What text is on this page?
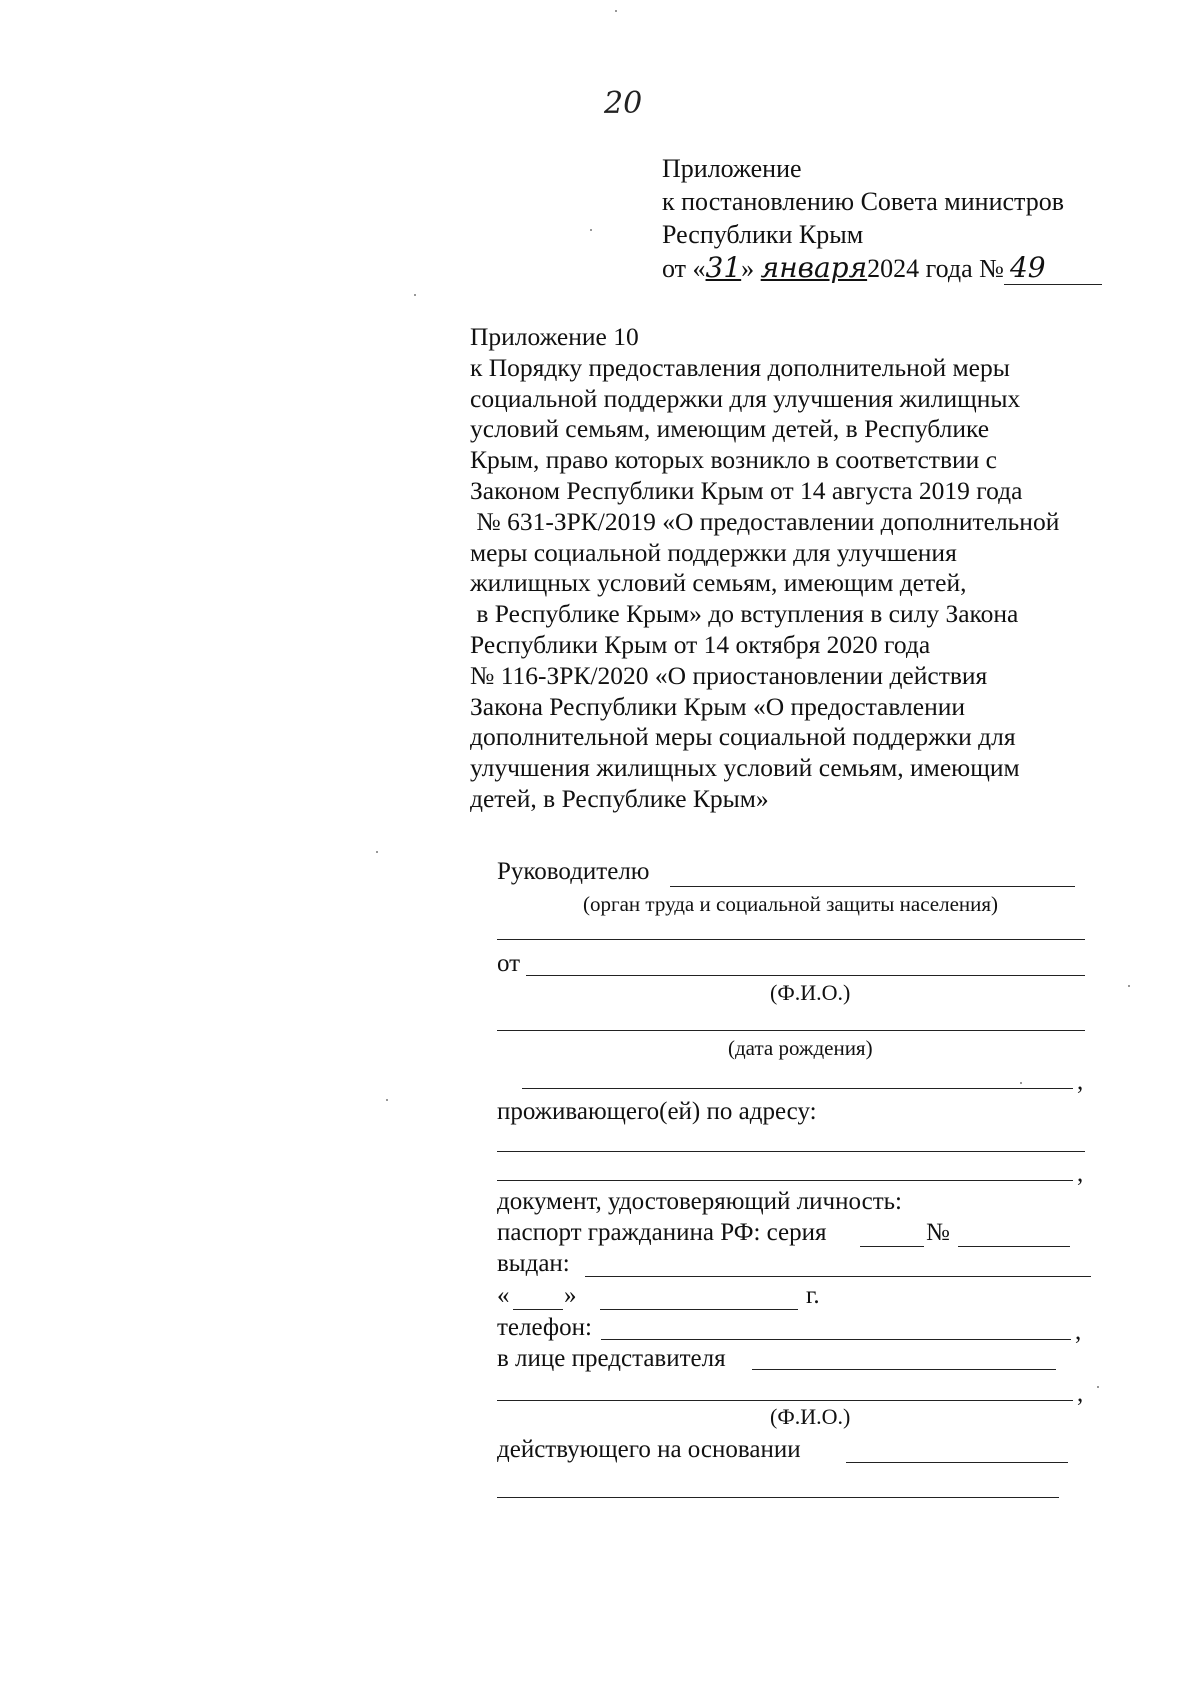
20
Приложение
к постановлению Совета министров
Республики Крым
от «31» января2024 года № 49
Приложение 10
к Порядку предоставления дополнительной меры
социальной поддержки для улучшения жилищных
условий семьям, имеющим детей, в Республике
Крым, право которых возникло в соответствии с
Законом Республики Крым от 14 августа 2019 года
№ 631-ЗРК/2019 «О предоставлении дополнительной
меры социальной поддержки для улучшения
жилищных условий семьям, имеющим детей,
в Республике Крым» до вступления в силу Закона
Республики Крым от 14 октября 2020 года
№ 116-ЗРК/2020 «О приостановлении действия
Закона Республики Крым «О предоставлении
дополнительной меры социальной поддержки для
улучшения жилищных условий семьям, имеющим
детей, в Республике Крым»
Руководителю
(орган труда и социальной защиты населения)
от
(Ф.И.О.)
(дата рождения)
,
проживающего(ей) по адресу:
,
документ, удостоверяющий личность:
паспорт гражданина РФ: серия	№
выдан:
« »	г.
телефон:	,
в лице представителя
,
(Ф.И.О.)
действующего на основании
